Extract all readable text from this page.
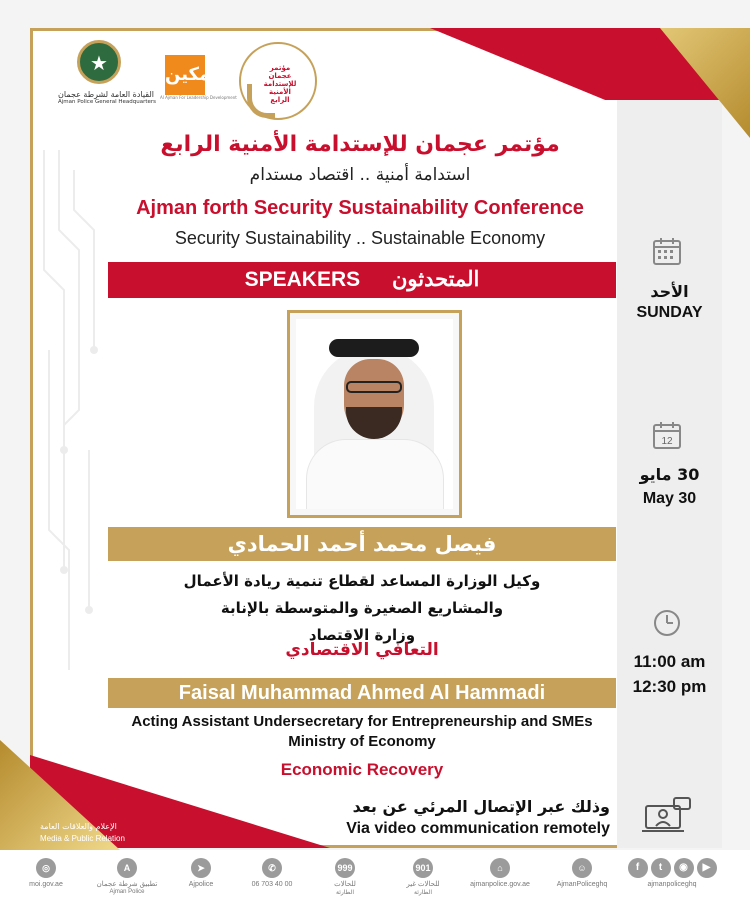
★
القيادة العامة لشرطة عجمان
Ajman Police General Headquarters
تمكين
Al Ajman For Leadership Development
مؤتمر عجمان للإستدامة الأمنية الرابع
مؤتمر عجمان للإستدامة الأمنية الرابع
استدامة أمنية .. اقتصاد مستدام
Ajman forth Security Sustainability Conference
Security Sustainability .. Sustainable Economy
SPEAKERS المتحدثون
فيصل محمد أحمد الحمادي
وكيل الوزارة المساعد لقطاع تنمية ريادة الأعمال
والمشاريع الصغيرة والمتوسطة بالإنابة
وزارة الاقتصاد
التعافي الاقتصادي
Faisal Muhammad Ahmed Al Hammadi
Acting Assistant Undersecretary for Entrepreneurship and SMEs
Ministry of Economy
Economic Recovery
الأحد
SUNDAY
12
30 مايو
May 30
11:00 am
12:30 pm
وذلك عبر الإتصال المرئي عن بعد
Via video communication remotely
الإعلام والعلاقات العامة
Media & Public Relation
◎
moi.gov.ae
A
تطبيق شرطة عجمان
Ajman Police
➤
Ajpolice
✆
06 703 40 00
999
للحالات
الطارئة
901
للحالات غير
الطارئة
⌂
ajmanpolice.gov.ae
☺
AjmanPoliceghq
f	t	◉	▶
ajmanpoliceghq
